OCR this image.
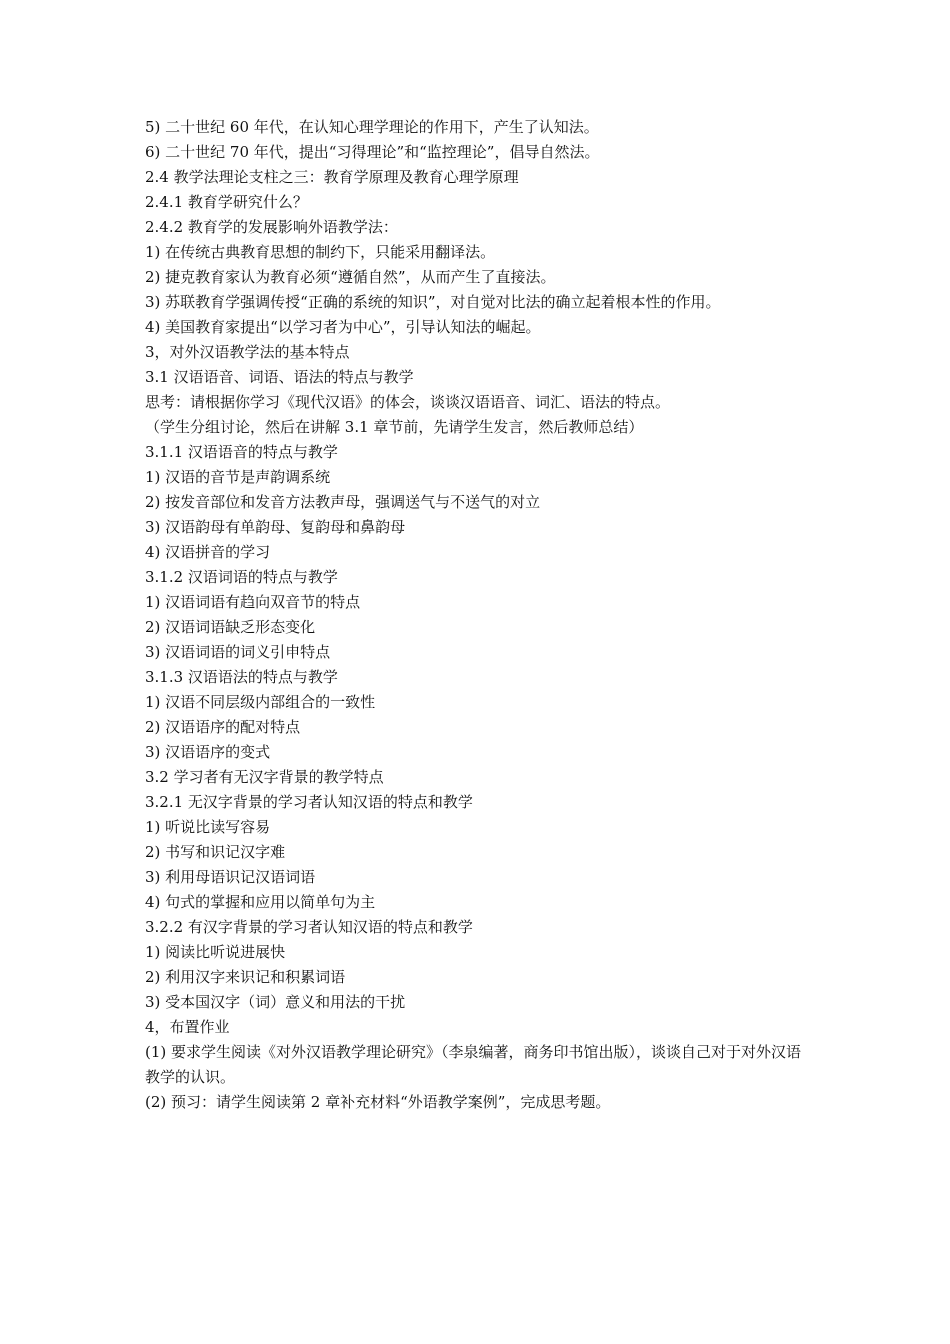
5) 二十世纪 60 年代，在认知心理学理论的作用下，产生了认知法。

6) 二十世纪 70 年代，提出“习得理论”和“监控理论”，倡导自然法。

2.4 教学法理论支柱之三：教育学原理及教育心理学原理

2.4.1 教育学研究什么？

2.4.2 教育学的发展影响外语教学法：

1) 在传统古典教育思想的制约下，只能采用翻译法。

2) 捷克教育家认为教育必须“遵循自然”，从而产生了直接法。

3) 苏联教育学强调传授“正确的系统的知识”，对自觉对比法的确立起着根本性的作用。

4) 美国教育家提出“以学习者为中心”，引导认知法的崛起。

3，对外汉语教学法的基本特点

3.1 汉语语音、词语、语法的特点与教学

思考：请根据你学习《现代汉语》的体会，谈谈汉语语音、词汇、语法的特点。

（学生分组讨论，然后在讲解 3.1 章节前，先请学生发言，然后教师总结）

3.1.1 汉语语音的特点与教学

1) 汉语的音节是声韵调系统

2) 按发音部位和发音方法教声母，强调送气与不送气的对立

3) 汉语韵母有单韵母、复韵母和鼻韵母

4) 汉语拼音的学习

3.1.2 汉语词语的特点与教学

1) 汉语词语有趋向双音节的特点

2) 汉语词语缺乏形态变化

3) 汉语词语的词义引申特点

3.1.3 汉语语法的特点与教学

1) 汉语不同层级内部组合的一致性

2) 汉语语序的配对特点

3) 汉语语序的变式

3.2 学习者有无汉字背景的教学特点

3.2.1 无汉字背景的学习者认知汉语的特点和教学

1) 听说比读写容易

2) 书写和识记汉字难

3) 利用母语识记汉语词语

4) 句式的掌握和应用以简单句为主

3.2.2 有汉字背景的学习者认知汉语的特点和教学

1) 阅读比听说进展快

2) 利用汉字来识记和积累词语

3) 受本国汉字（词）意义和用法的干扰

4，布置作业

(1) 要求学生阅读《对外汉语教学理论研究》（李泉编著，商务印书馆出版），谈谈自己对于对外汉语教学的认识。

(2) 预习：请学生阅读第 2 章补充材料“外语教学案例”，完成思考题。
